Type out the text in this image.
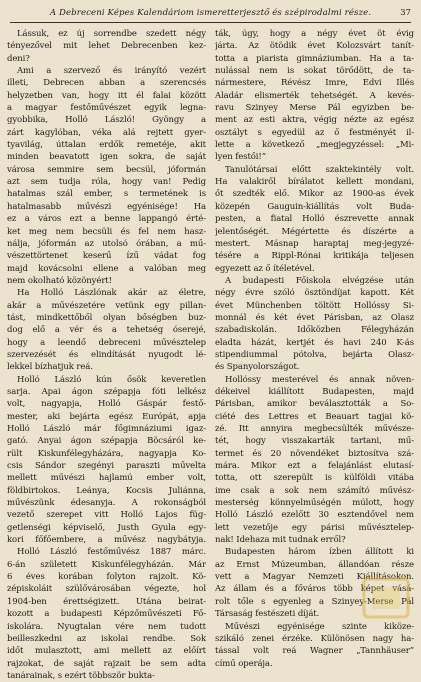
A Debreceni Képes Kalendáriom ismeretterjesztő és szépirodalmi része.	37
Lássuk, ez új sorrendbe szedett négy
tényezővel mit lehet Debrecenben kez-
deni?
Ami a szervező és irányító vezért
illeti, Debrecen abban a szerencsés
helyzetben van, hogy itt él falai között
a magyar festőművészet egyik legna-
gyobbika, Holló László! Gyöngy a
zárt kagylóban, véka alá rejtett gyer-
tyavilág, úttalan erdők remetéje, akit
minden beavatott igen sokra, de saját
városa semmire sem becsül, jóformán
azt sem tudja róla, hogy van! Pedig
hatalmas szál ember, s termetének is
hatalmasabb művészi egyénisége! Ha
ez a város ezt a benne lappangó érté-
ket meg nem becsüli és fel nem hasz-
nálja, jóformán az utolsó órában, a mű-
vészettörtenet keserű ízű vádat fog
majd kovácsolni ellene a valóban meg
nem okolható közönyért!
Ha Holló Lászlónak akár az életre,
akár a művészetére vetünk egy pillan-
tást, mindkettőből olyan bőségben buz-
dog elő a vér és a tehetség óserejé,
hogy a leendő debreceni művésztelep
szervezését és elindítását nyugodt lé-
lekkel bízhatjuk reá.
Holló László kún ősök keveretlen
sarja. Apai ágon szépapja fóti lelkész
volt, nagyapja, Holló Gáspár festő-
mester, aki bejárta egész Európát, apja
Holló László már főgimnáziumi igaz-
gató. Anyai ágon szépapja Böcsáról ke-
rült Kiskunfélegyházára, nagyapja Ko-
csis Sándor szegényi paraszti művelta
mellett művészi hajlamú ember volt,
földbirtokos. Leánya, Kocsis Juliánna,
művészünk édesanyja. A rokonságból
vezető szerepet vitt Holló Lajos füg-
getlenségi képviselő, Justh Gyula egy-
kori főfőembere, a művész nagybátyja.
Holló László festőművész 1887 márc.
6-án született Kiskunfélegyházán. Már
6 éves korában folyton rajzolt. Kö-
zépiskoláit szülővárosában végezte, hol
1904-ben érettségizett. Utána beirat-
kozott a budapesti Képzőművészeti Fő-
iskolára. Nyugtalan vére nem tudott
beilleszkedni az iskolai rendbe. Sok
időt mulasztott, ami mellett az előírt
rajzokat, de saját rajzait be sem adta
tanárainak, s ezért többször bukta-
ták, úgy, hogy a négy évet öt évig
járta. Az ötödik évet Kolozsvárt tanít-
totta a piarista gimnáziumban. Ha a ta-
nulással nem is sokat törődött, de ta-
nármestere, Révész Imre, Edvi Illés
Aladár elismerték tehetségét. A kevés-
ravu Szinyey Merse Pál egyizben be-
ment az esti aktra, végig nézte az egész
osztályt s egyedül az ő festményét il-
lette a következő „megjegyzéssel: „Mi-
lyen festői!”
Tanulótársai előtt szaktekintély volt.
Ha valakiről bírálatot kellett mondani,
őt szedték elő. Mikor az 1900-as évek
közepén Gauguin-kiállítás volt Buda-
pesten, a fiatal Holló észrevette annak
jelentőségét. Mégértette és díszérte a
mestert. Másnap haraptaj meg-jegyzé-
tésére a Rippl-Rónai kritikája teljesen
egyezett az ő ítéletével.
A budapesti Főiskola elvégzése után
négy évre szóló ösztöndíjat kapott. Két
évet Münchenben töltött Hollóssy Si-
monnál és két évet Párisban, az Olasz
szabadiskolán. Időközben Félegyházán
eladta házát, kertjét és havi 240 K-ás
stipendiummal pótolva, bejárta Olasz-
és Spanyolországot.
Hollóssy mesterével és annak növen-
dékeivel kiállított Budapesten, majd
Párisban, amikor beválasztották a So-
ciété des Lettres et Beauart tagjai kö-
zé. Itt annyira megbecsülték művésze-
tét, hogy visszakarták tartani, mű-
termet és 20 növendéket biztosítva szá-
mára. Mikor ezt a felajánlást elutasí-
totta, ott szerepült is külföldi vitába
ime csak a sok nem számító művész-
mesterség könnyelműségén múlott, hogy
Holló László ezelőtt 30 esztendővel nem
lett vezetője egy párisi művésztelep-
nak! Idehaza mit tudnak erről?
Budapesten három ízben állított ki
az Ernst Múzeumban, állandóan része
vett a Magyar Nemzeti Kiállításokon.
Az állam és a főváros több képet vásá-
rolt tőle s egyenleg a Szinyey-Merse Pál
Társaság festészeti díját.
Művészi egyénisége szinte kiköze-
szikáló zenei érzéke. Különösen nagy ha-
tással volt reá Wagner „Tannhäuser”
című operája.
